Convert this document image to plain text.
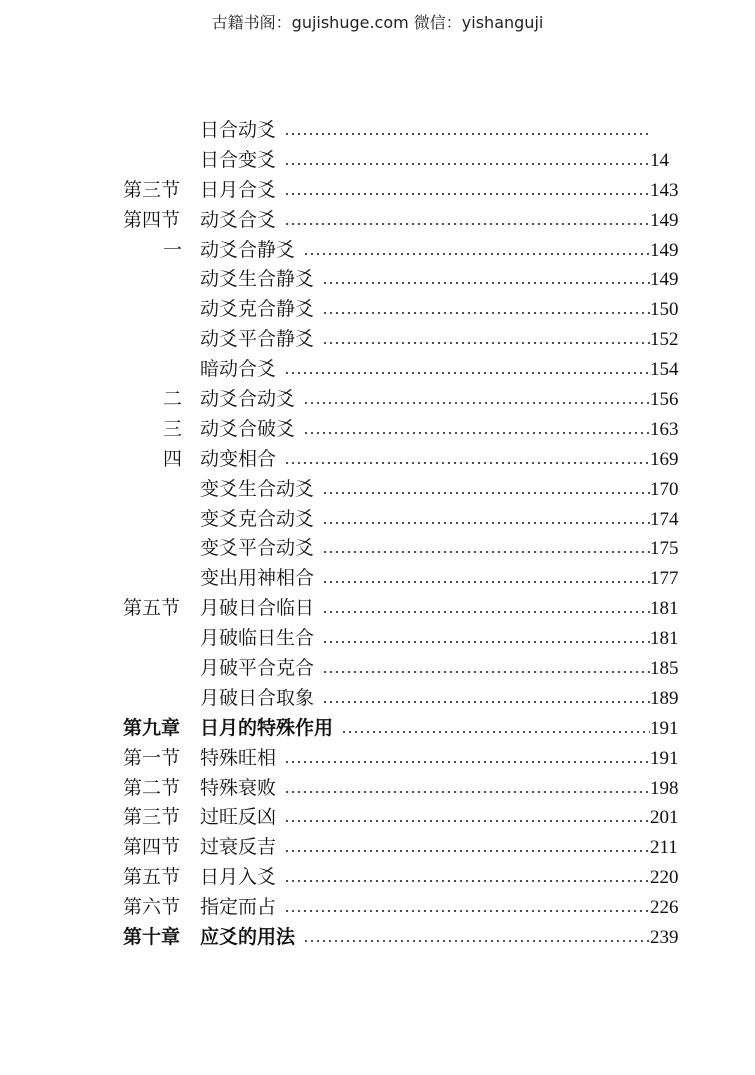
古籍书阁：gujishuge.com 微信：yishanguji
日合动爻
日合变爻	14
第三节 日月合爻	143
第四节 动爻合爻	149
一 动爻合静爻	149
动爻生合静爻	149
动爻克合静爻	150
动爻平合静爻	152
暗动合爻	154
二 动爻合动爻	156
三 动爻合破爻	163
四 动变相合	169
变爻生合动爻	170
变爻克合动爻	174
变爻平合动爻	175
变出用神相合	177
第五节 月破日合临日	181
月破临日生合	181
月破平合克合	185
月破日合取象	189
第九章 日月的特殊作用	191
第一节 特殊旺相	191
第二节 特殊衰败	198
第三节 过旺反凶	201
第四节 过衰反吉	211
第五节 日月入爻	220
第六节 指定而占	226
第十章 应爻的用法	239
